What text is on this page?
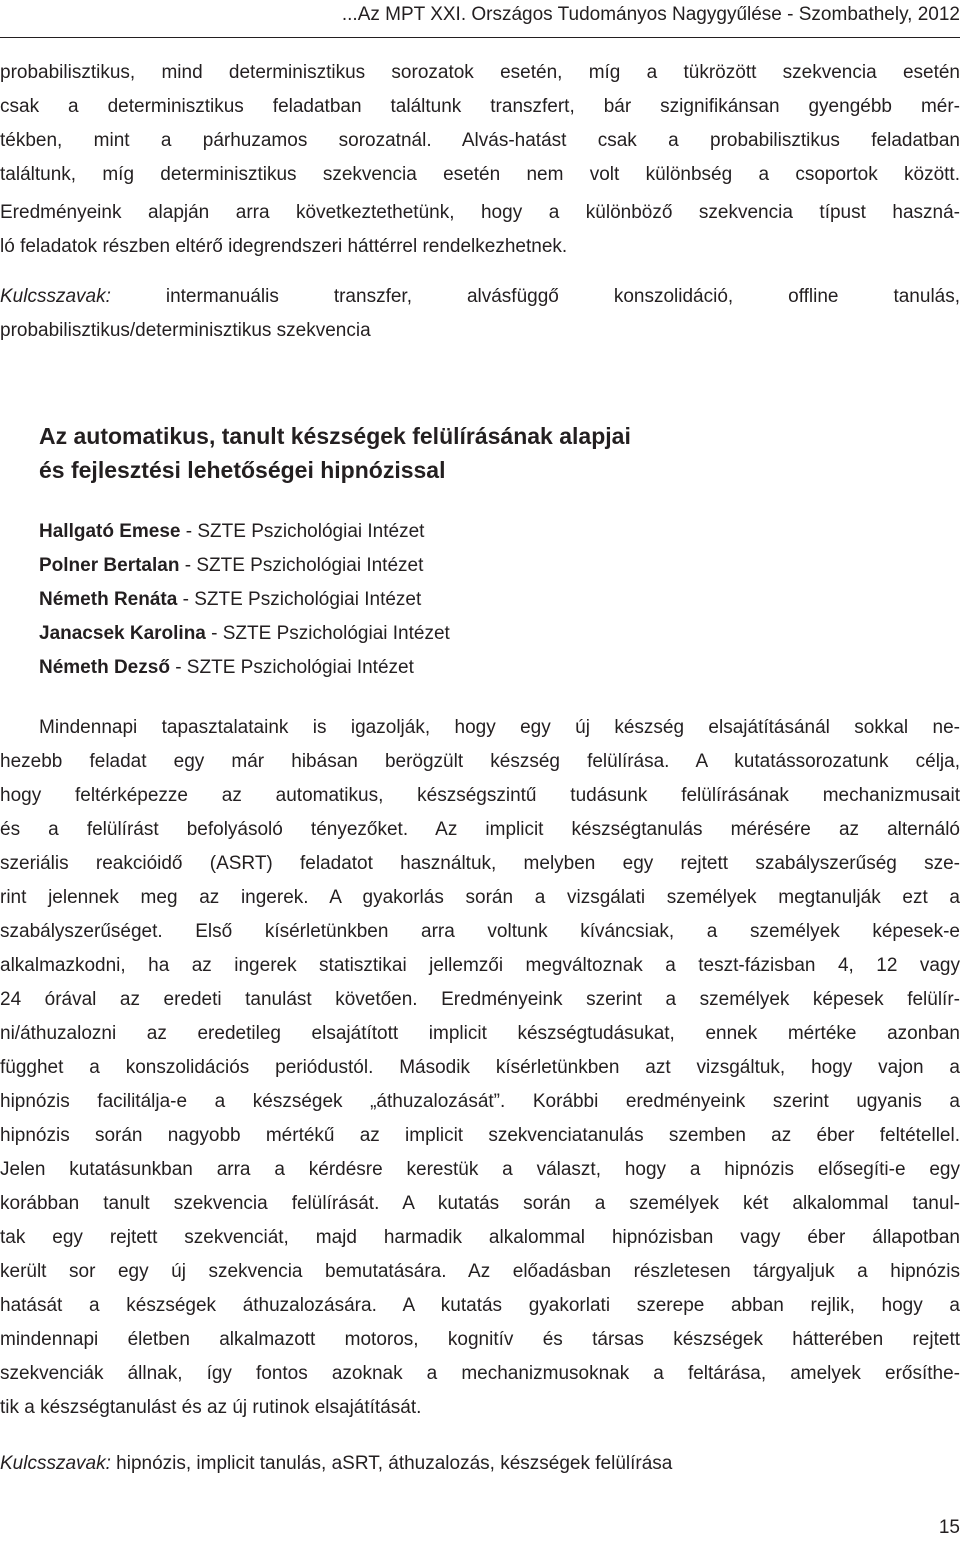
...Az MPT XXI. Országos Tudományos Nagygyűlése - Szombathely, 2012

probabilisztikus, mind determinisztikus sorozatok esetén, míg a tükrözött szekvencia esetén

csak a determinisztikus feladatban találtunk transzfert, bár szignifikánsan gyengébb mér-

tékben, mint a párhuzamos sorozatnál. Alvás-hatást csak a probabilisztikus feladatban

találtunk, míg determinisztikus szekvencia esetén nem volt különbség a csoportok között.

Eredményeink alapján arra következtethetünk, hogy a különböző szekvencia típust haszná-

ló feladatok részben eltérő idegrendszeri háttérrel rendelkezhetnek.

Kulcsszavak:	intermanuális transzfer, alvásfüggő konszolidáció, offline tanulás,

probabilisztikus/determinisztikus szekvencia

Az automatikus, tanult készségek felülírásának alapjai
és fejlesztési lehetőségei hipnózissal

Hallgató Emese - SZTE Pszichológiai Intézet

Polner Bertalan - SZTE Pszichológiai Intézet

Németh Renáta - SZTE Pszichológiai Intézet

Janacsek Karolina - SZTE Pszichológiai Intézet

Németh Dezső - SZTE Pszichológiai Intézet

Mindennapi tapasztalataink is igazolják, hogy egy új készség elsajátításánál sokkal ne-
hezebb feladat egy már hibásan berögzült készség felülírása. A kutatássorozatunk célja,
hogy feltérképezze az automatikus, készségszintű tudásunk felülírásának mechanizmusait
és a felülírást befolyásoló tényezőket. Az implicit készségtanulás mérésére az alternáló
szeriális reakcióidő (ASRT) feladatot használtuk, melyben egy rejtett szabályszerűség sze-
rint jelennek meg az ingerek. A gyakorlás során a vizsgálati személyek megtanulják ezt a
szabályszerűséget. Első kísérletünkben arra voltunk kíváncsiak, a személyek képesek-e
alkalmazkodni, ha az ingerek statisztikai jellemzői megváltoznak a teszt-fázisban 4, 12 vagy
24 órával az eredeti tanulást követően. Eredményeink szerint a személyek képesek felülír-
ni/áthuzalozni az eredetileg elsajátított implicit készségtudásukat, ennek mértéke azonban
függhet a konszolidációs periódustól. Második kísérletünkben azt vizsgáltuk, hogy vajon a
hipnózis facilitálja-e a készségek „áthuzalozását”. Korábbi eredményeink szerint ugyanis a
hipnózis során nagyobb mértékű az implicit szekvenciatanulás szemben az éber feltétellel.
Jelen kutatásunkban arra a kérdésre kerestük a választ, hogy a hipnózis elősegíti-e egy
korábban tanult szekvencia felülírását. A kutatás során a személyek két alkalommal tanul-
tak egy rejtett szekvenciát, majd harmadik alkalommal hipnózisban vagy éber állapotban
került sor egy új szekvencia bemutatására. Az előadásban részletesen tárgyaljuk a hipnózis
hatását a készségek áthuzalozására. A kutatás gyakorlati szerepe abban rejlik, hogy a
mindennapi életben alkalmazott motoros, kognitív és társas készségek hátterében rejtett
szekvenciák állnak, így fontos azoknak a mechanizmusoknak a feltárása, amelyek erősíthe-
tik a készségtanulást és az új rutinok elsajátítását.

Kulcsszavak: hipnózis, implicit tanulás, aSRT, áthuzalozás, készségek felülírása

15
